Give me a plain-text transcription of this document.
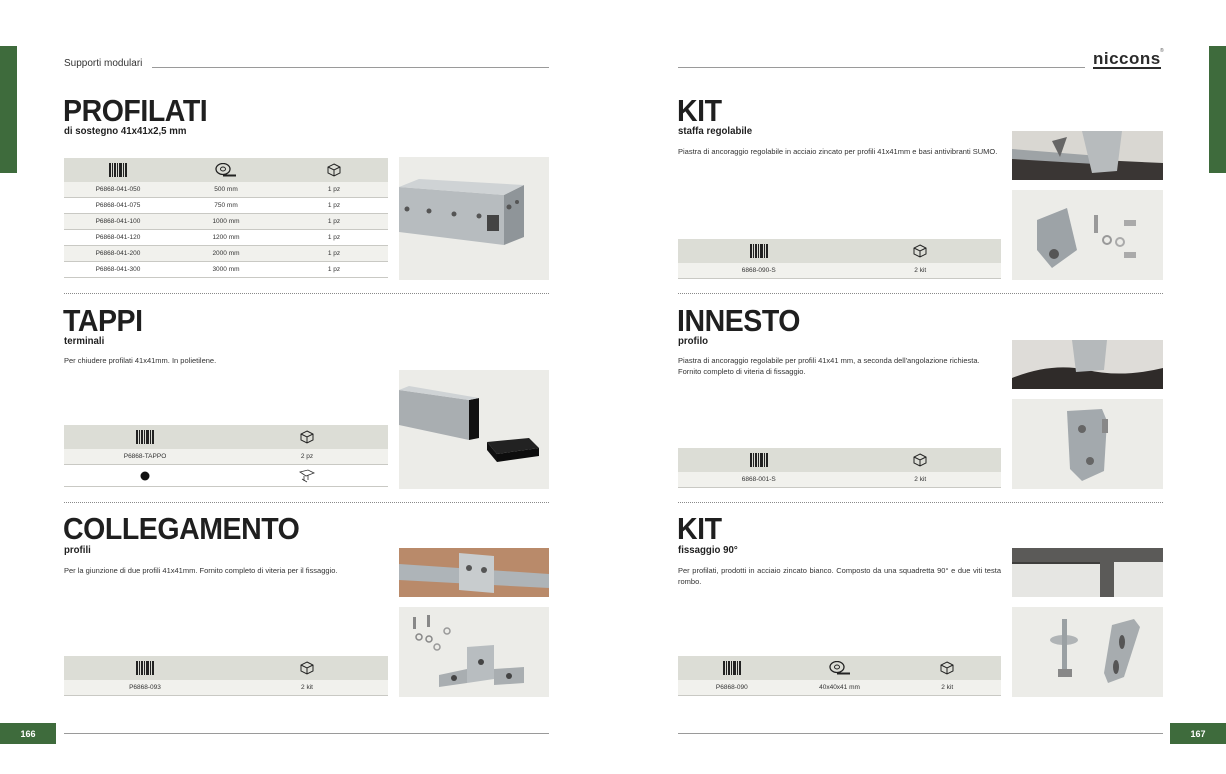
Supporti modulari	niccons ®
PROFILATI
di sostegno 41x41x2,5 mm
P6868-041-050	500 mm	1 pz
P6868-041-075	750 mm	1 pz
P6868-041-100	1000 mm	1 pz
P6868-041-120	1200 mm	1 pz
P6868-041-200	2000 mm	1 pz
P6868-041-300	3000 mm	1 pz
TAPPI
terminali
Per chiudere profilati 41x41mm. In polietilene.
P6868-TAPPO	2 pz
COLLEGAMENTO
profili
Per la giunzione di due profili 41x41mm. Fornito completo di viteria per il fissaggio.
P6868-093	2 kit
KIT
staffa regolabile
Piastra di ancoraggio regolabile in acciaio zincato per profili 41x41mm e basi antivibranti SUMO.
6868-090-S	2 kit
INNESTO
profilo
Piastra di ancoraggio regolabile per profili 41x41 mm, a seconda dell'angolazione richiesta.
Fornito completo di viteria di fissaggio.
6868-001-S	2 kit
KIT
fissaggio 90°
Per profilati, prodotti in acciaio zincato bianco. Composto da una squadretta 90° e due viti testa rombo.
P6868-090	40x40x41 mm	2 kit
166	167
